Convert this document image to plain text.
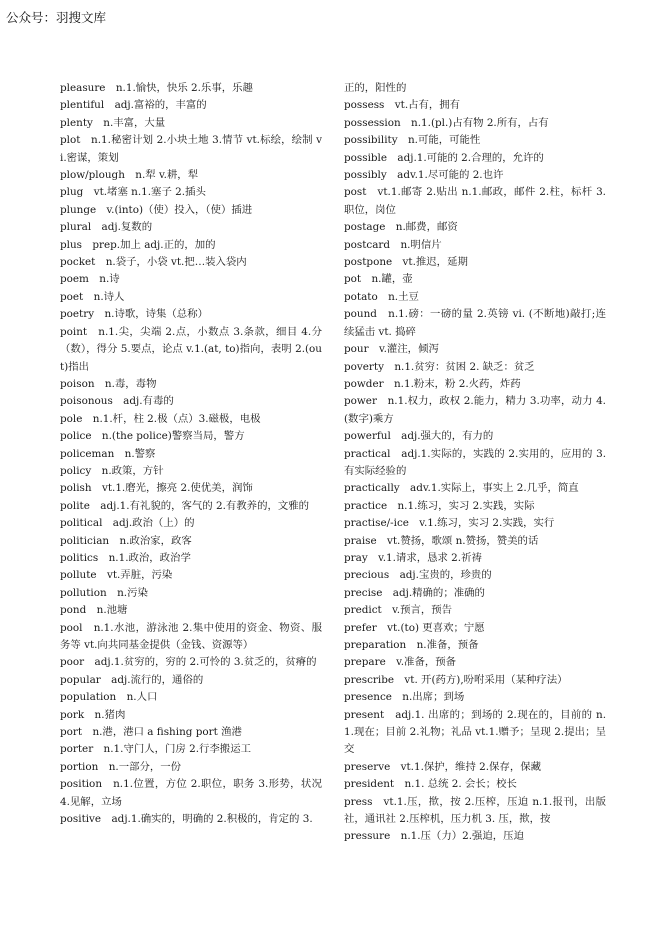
公众号：羽搜文库
pleasure　n.1.愉快，快乐 2.乐事，乐趣
plentiful　adj.富裕的，丰富的
plenty　n.丰富，大量
plot　n.1.秘密计划 2.小块土地 3.情节 vt.标绘，绘制 vi.密谋，策划
plow/plough　n.犁 v.耕，犁
plug　vt.堵塞 n.1.塞子 2.插头
plunge　v.(into)（使）投入，（使）插进
plural　adj.复数的
plus　prep.加上 adj.正的，加的
pocket　n.袋子，小袋 vt.把…装入袋内
poem　n.诗
poet　n.诗人
poetry　n.诗歌，诗集（总称）
point　n.1.尖，尖端 2.点，小数点 3.条款，细目 4.分（数），得分 5.要点，论点 v.1.(at, to)指向，表明 2.(out)指出
poison　n.毒，毒物
poisonous　adj.有毒的
pole　n.1.杆，柱 2.极（点）3.磁极，电极
police　n.(the police)警察当局，警方
policeman　n.警察
policy　n.政策，方针
polish　vt.1.磨光，擦亮 2.使优美，润饰
polite　adj.1.有礼貌的，客气的 2.有教养的，文雅的
political　adj.政治（上）的
politician　n.政治家，政客
politics　n.1.政治，政治学
pollute　vt.弄脏，污染
pollution　n.污染
pond　n.池塘
pool　n.1.水池，游泳池 2.集中使用的资金、物资、服务等 vt.向共同基金提供（金钱、资源等）
poor　adj.1.贫穷的，穷的 2.可怜的 3.贫乏的，贫瘠的
popular　adj.流行的，通俗的
population　n.人口
pork　n.猪肉
port　n.港，港口 a fishing port 渔港
porter　n.1.守门人，门房 2.行李搬运工
portion　n.一部分，一份
position　n.1.位置，方位 2.职位，职务 3.形势，状况 4.见解，立场
positive　adj.1.确实的，明确的 2.积极的，肯定的 3.
正的，阳性的
possess　vt.占有，拥有
possession　n.1.(pl.)占有物 2.所有，占有
possibility　n.可能，可能性
possible　adj.1.可能的 2.合理的，允许的
possibly　adv.1.尽可能的 2.也许
post　vt.1.邮寄 2.贴出 n.1.邮政，邮件 2.柱，标杆 3.职位，岗位
postage　n.邮费，邮资
postcard　n.明信片
postpone　vt.推迟，延期
pot　n.罐，壶
potato　n.土豆
pound　n.1.磅：一磅的量 2.英镑 vi. (不断地)敲打;连续猛击 vt. 捣碎
pour　v.灌注，倾泻
poverty　n.1.贫穷：贫困 2. 缺乏：贫乏
powder　n.1.粉末，粉 2.火药，炸药
power　n.1.权力，政权 2.能力，精力 3.功率，动力 4.(数字)乘方
powerful　adj.强大的，有力的
practical　adj.1.实际的，实践的 2.实用的，应用的 3.有实际经验的
practically　adv.1.实际上，事实上 2.几乎，简直
practice　n.1.练习，实习 2.实践，实际
practise/-ice　v.1.练习，实习 2.实践，实行
praise　vt.赞扬，歌颂 n.赞扬，赞美的话
pray　v.1.请求，恳求 2.祈祷
precious　adj.宝贵的，珍贵的
precise　adj.精确的；准确的
predict　v.预言，预告
prefer　vt.(to) 更喜欢；宁愿
preparation　n.准备，预备
prepare　v.准备，预备
prescribe　vt. 开(药方),吩咐采用（某种疗法）
presence　n.出席；到场
present　adj.1. 出席的；到场的 2.现在的，目前的 n.1.现在；目前 2.礼物；礼品 vt.1.赠予；呈现 2.提出；呈交
preserve　vt.1.保护，维持 2.保存，保藏
president　n.1. 总统 2. 会长；校长
press　vt.1.压，揿，按 2.压榨，压迫 n.1.报刊，出版社，通讯社 2.压榨机，压力机 3. 压，揿，按
pressure　n.1.压（力）2.强迫，压迫
